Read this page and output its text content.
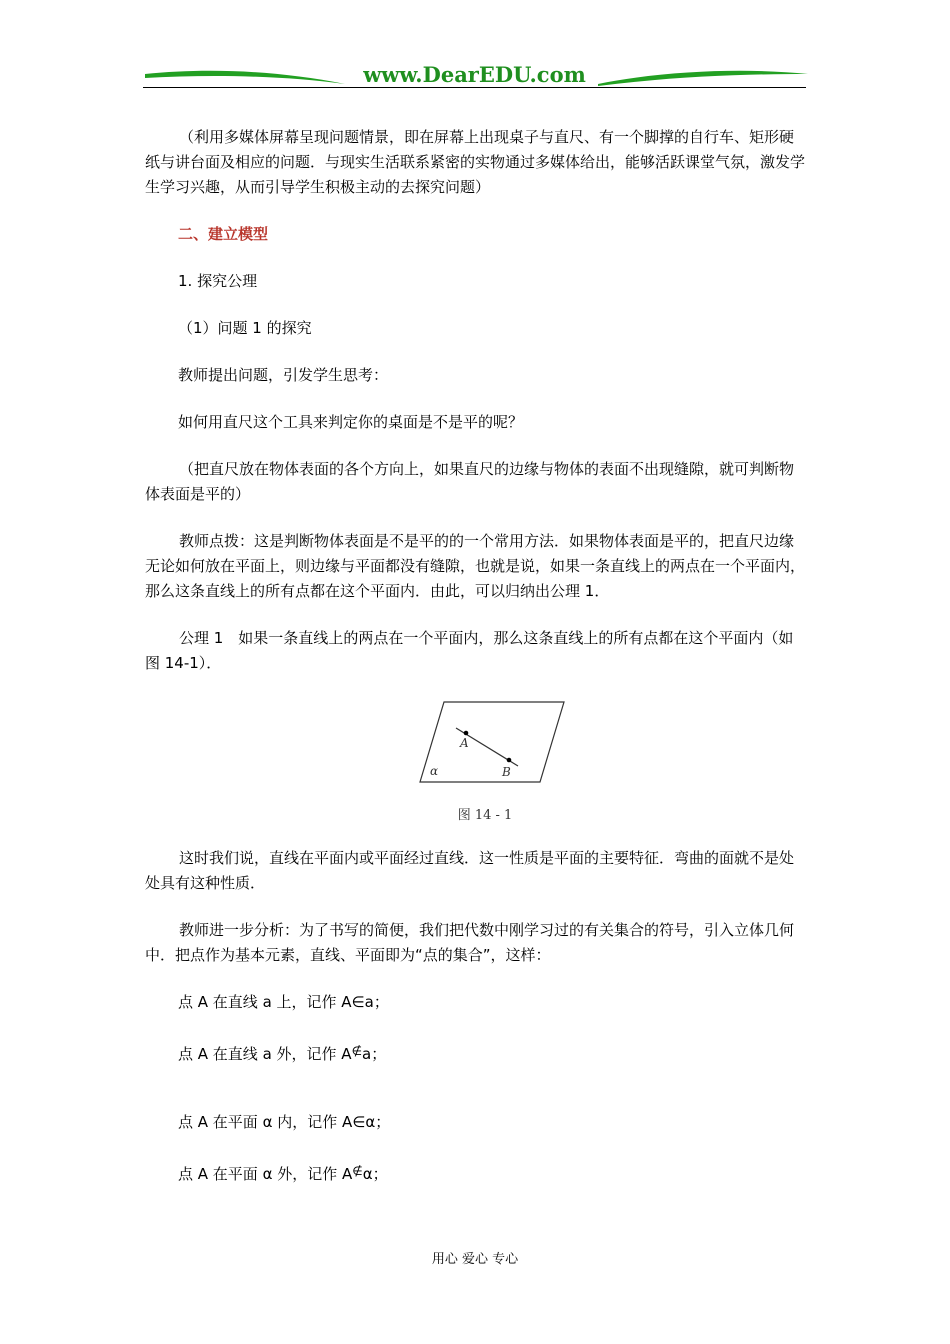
www.DearEDU.com

（利用多媒体屏幕呈现问题情景，即在屏幕上出现桌子与直尺、有一个脚撑的自行车、矩形硬纸与讲台面及相应的问题．与现实生活联系紧密的实物通过多媒体给出，能够活跃课堂气氛，激发学生学习兴趣，从而引导学生积极主动的去探究问题）

二、建立模型

1. 探究公理

（1）问题 1 的探究

教师提出问题，引发学生思考：

如何用直尺这个工具来判定你的桌面是不是平的呢？

（把直尺放在物体表面的各个方向上，如果直尺的边缘与物体的表面不出现缝隙，就可判断物体表面是平的）

教师点拨：这是判断物体表面是不是平的的一个常用方法．如果物体表面是平的，把直尺边缘无论如何放在平面上，则边缘与平面都没有缝隙，也就是说，如果一条直线上的两点在一个平面内，那么这条直线上的所有点都在这个平面内．由此，可以归纳出公理 1．

公理 1　如果一条直线上的两点在一个平面内，那么这条直线上的所有点都在这个平面内（如图 14-1）．

A
B
α
图 14 - 1

这时我们说，直线在平面内或平面经过直线．这一性质是平面的主要特征．弯曲的面就不是处处具有这种性质．

教师进一步分析：为了书写的简便，我们把代数中刚学习过的有关集合的符号，引入立体几何中．把点作为基本元素，直线、平面即为“点的集合”，这样：

点 A 在直线 a 上，记作 A∈a；

点 A 在直线 a 外，记作 A∉a；

点 A 在平面 α 内，记作 A∈α；

点 A 在平面 α 外，记作 A∉α；

用心 爱心 专心
